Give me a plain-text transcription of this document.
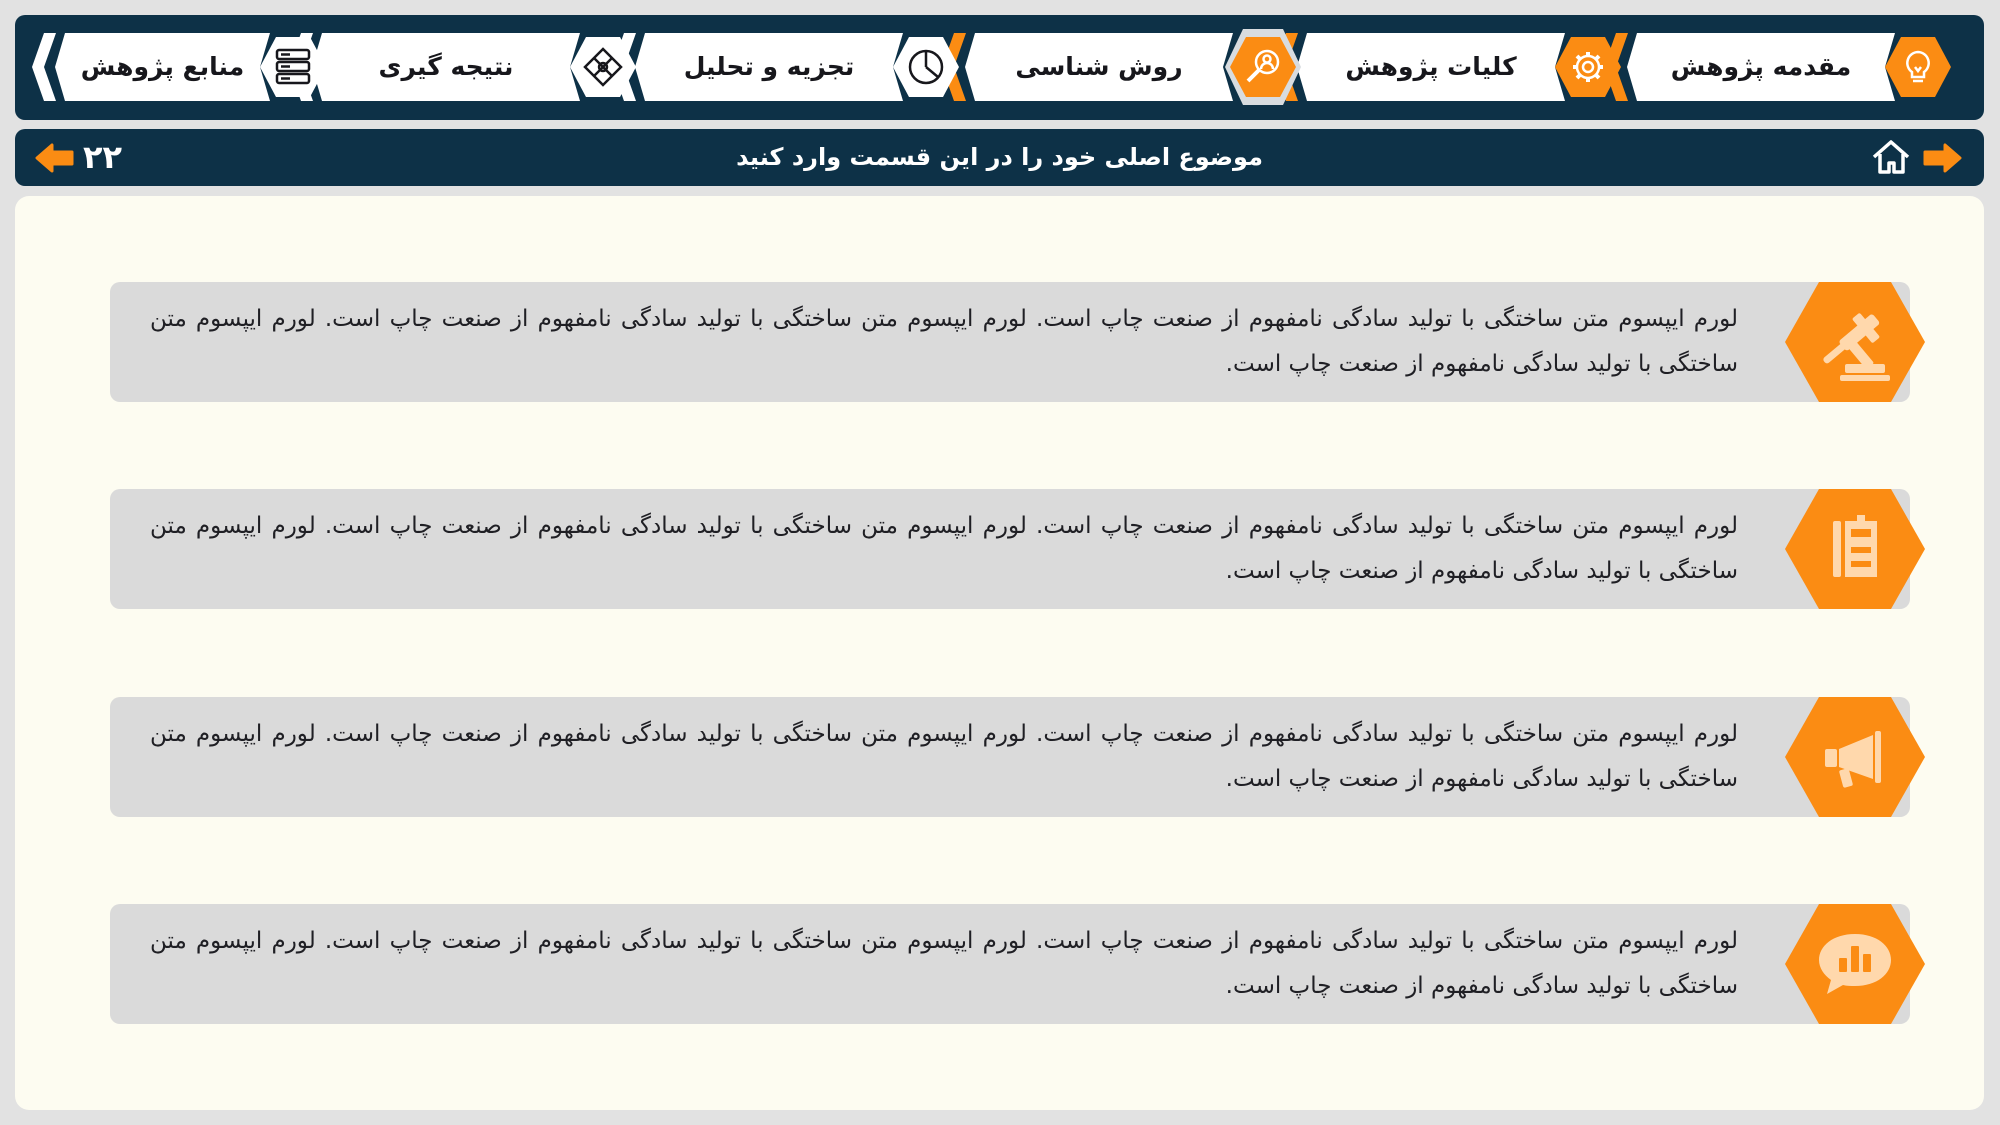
مقدمه پژوهش
کلیات پژوهش
روش شناسی
تجزیه و تحلیل
نتیجه گیری
منابع پژوهش
موضوع اصلی خود را در این قسمت وارد کنید
۲۲
لورم ایپسوم متن ساختگی با تولید سادگی نامفهوم از صنعت چاپ است. لورم ایپسوم متن ساختگی با تولید سادگی نامفهوم از صنعت چاپ است. لورم ایپسوم متن ساختگی با تولید سادگی نامفهوم از صنعت چاپ است.
لورم ایپسوم متن ساختگی با تولید سادگی نامفهوم از صنعت چاپ است. لورم ایپسوم متن ساختگی با تولید سادگی نامفهوم از صنعت چاپ است. لورم ایپسوم متن ساختگی با تولید سادگی نامفهوم از صنعت چاپ است.
لورم ایپسوم متن ساختگی با تولید سادگی نامفهوم از صنعت چاپ است. لورم ایپسوم متن ساختگی با تولید سادگی نامفهوم از صنعت چاپ است. لورم ایپسوم متن ساختگی با تولید سادگی نامفهوم از صنعت چاپ است.
لورم ایپسوم متن ساختگی با تولید سادگی نامفهوم از صنعت چاپ است. لورم ایپسوم متن ساختگی با تولید سادگی نامفهوم از صنعت چاپ است. لورم ایپسوم متن ساختگی با تولید سادگی نامفهوم از صنعت چاپ است.
